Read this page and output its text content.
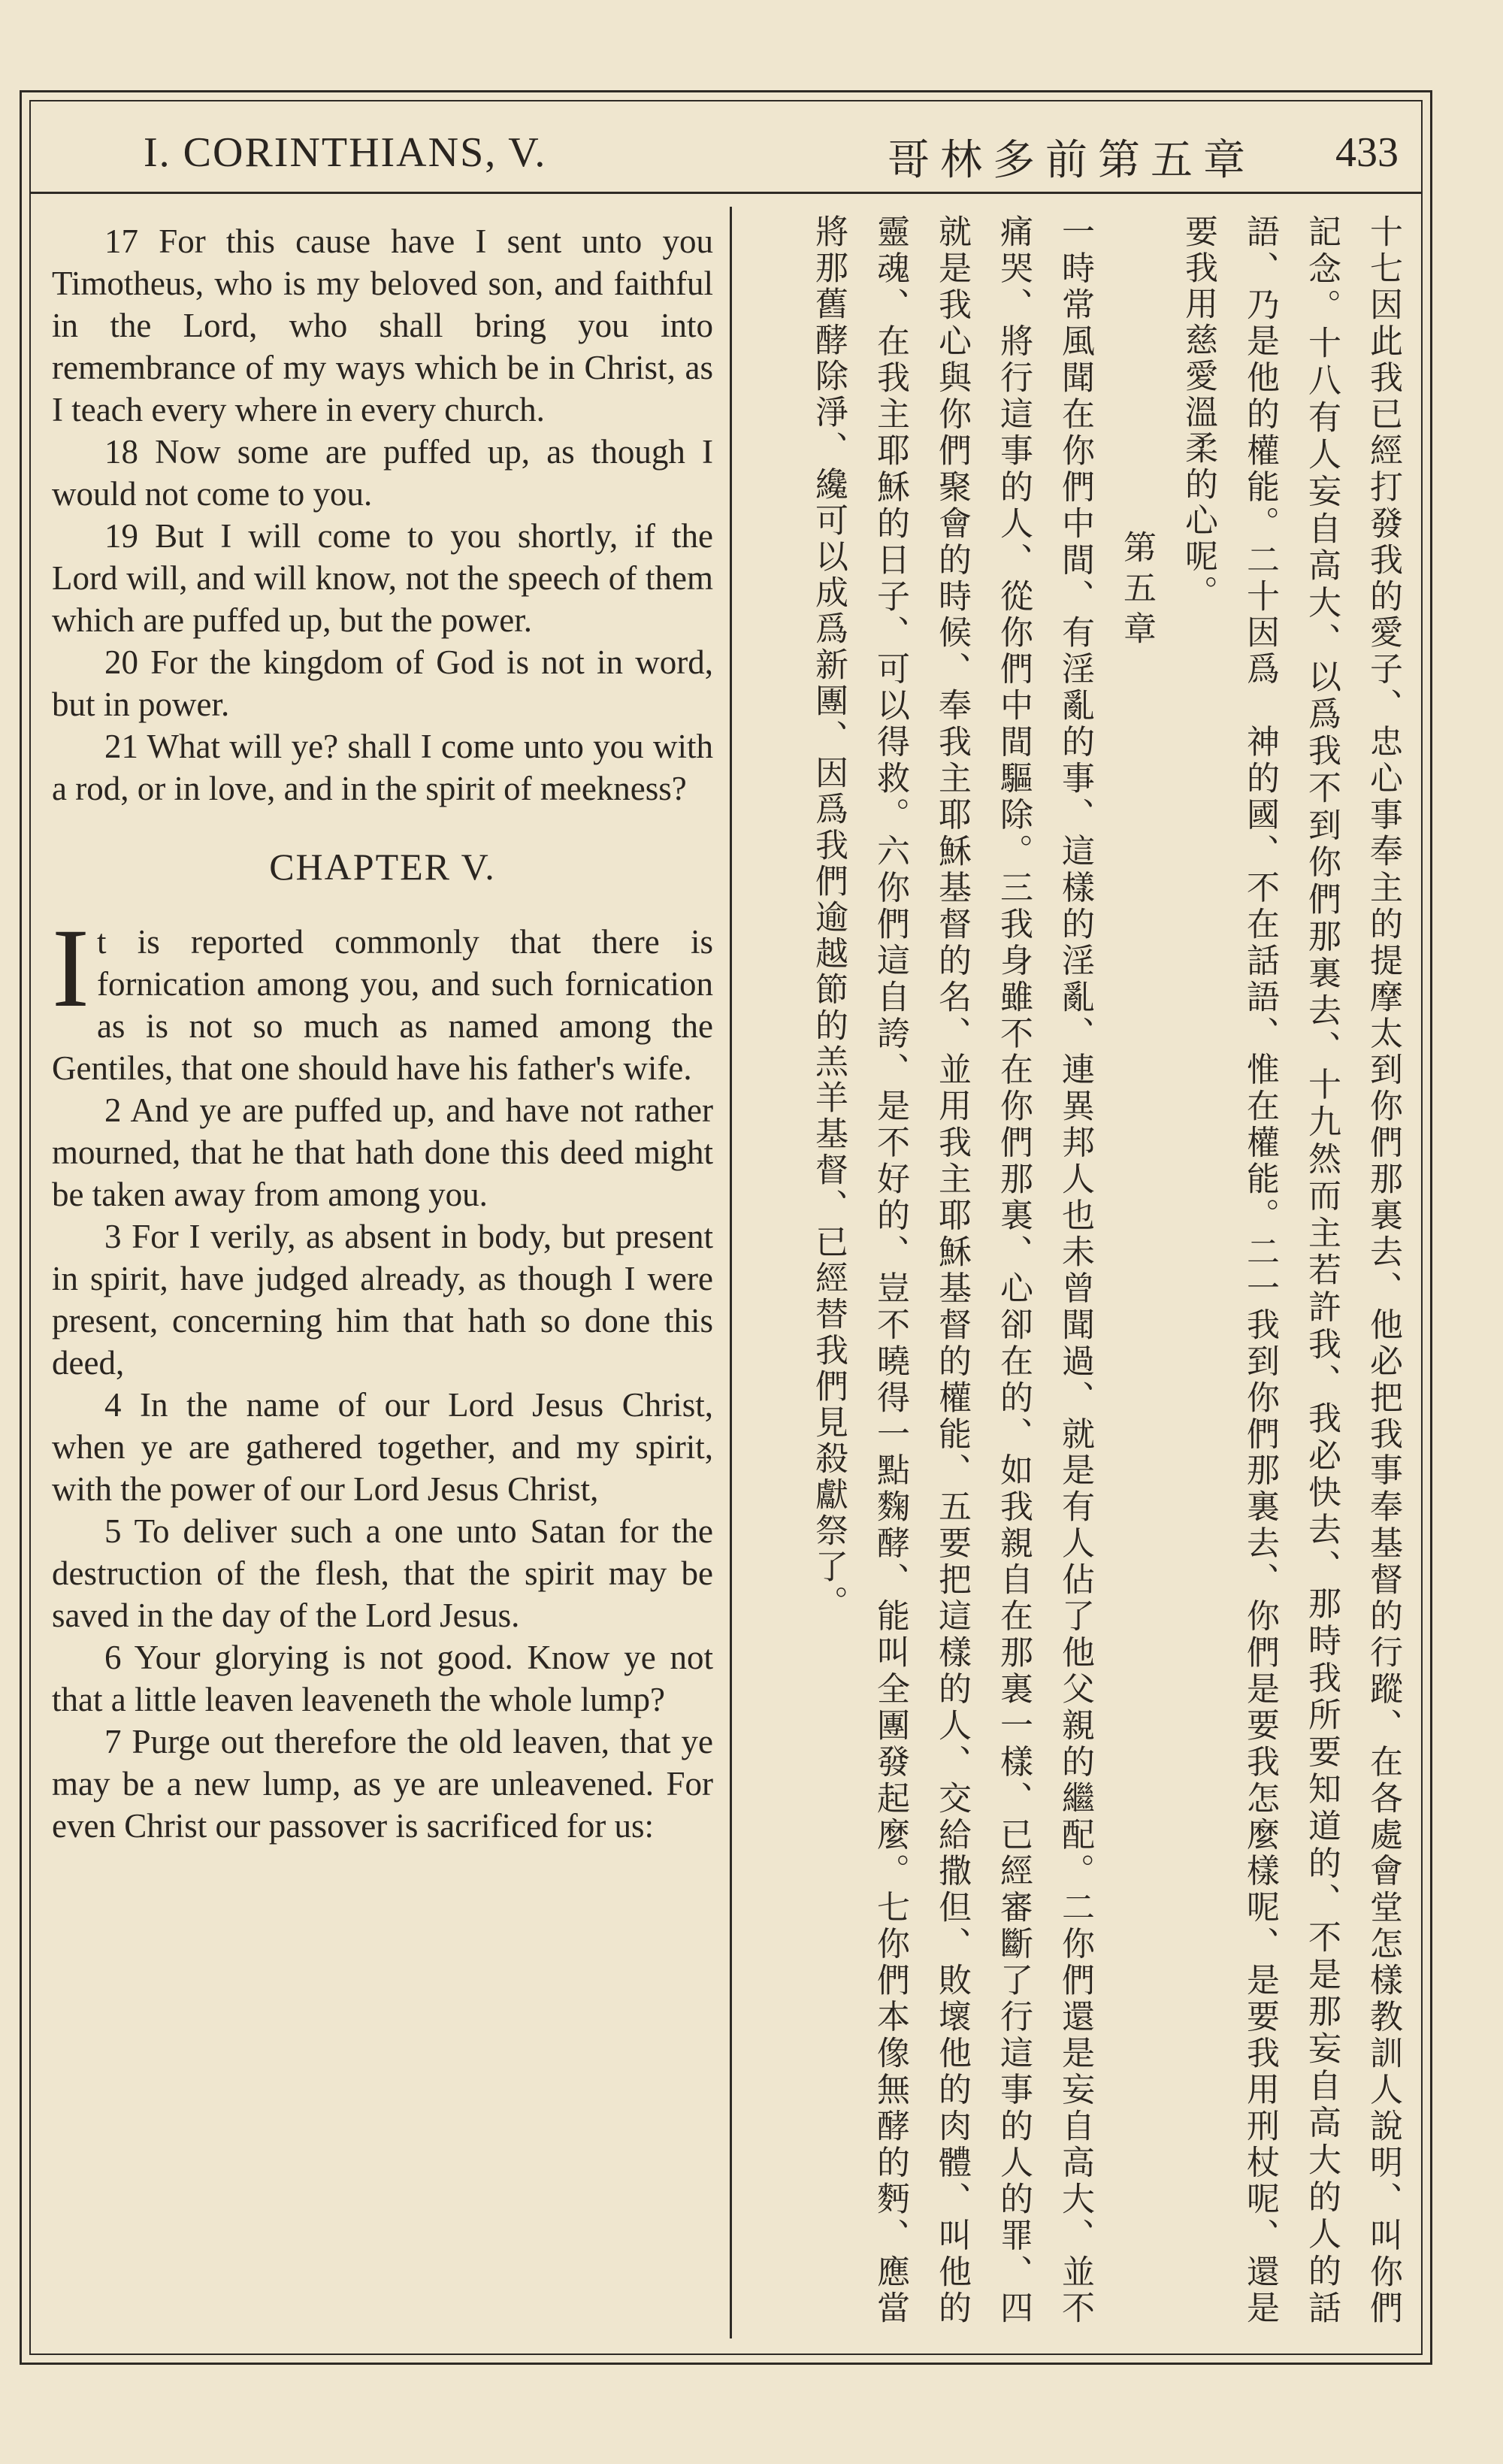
I. CORINTHIANS, V.	哥林多前第五章 433

17 For this cause have I sent unto you Timotheus, who is my beloved son, and faithful in the Lord, who shall bring you into remembrance of my ways which be in Christ, as I teach every where in every church.

18 Now some are puffed up, as though I would not come to you.

19 But I will come to you shortly, if the Lord will, and will know, not the speech of them which are puffed up, but the power.

20 For the kingdom of God is not in word, but in power.

21 What will ye? shall I come unto you with a rod, or in love, and in the spirit of meekness?

CHAPTER V.

It is reported commonly that there is fornication among you, and such fornication as is not so much as named among the Gentiles, that one should have his father's wife.

2 And ye are puffed up, and have not rather mourned, that he that hath done this deed might be taken away from among you.

3 For I verily, as absent in body, but present in spirit, have judged already, as though I were present, concerning him that hath so done this deed,

4 In the name of our Lord Jesus Christ, when ye are gathered together, and my spirit, with the power of our Lord Jesus Christ,

5 To deliver such a one unto Satan for the destruction of the flesh, that the spirit may be saved in the day of the Lord Jesus.

6 Your glorying is not good. Know ye not that a little leaven leaveneth the whole lump?

7 Purge out therefore the old leaven, that ye may be a new lump, as ye are unleavened. For even Christ our passover is sacrificed for us:	十七因此我已經打發我的愛子、忠心事奉主的提摩太到你們那裏去、他必把我事奉基督的行蹤、在各處會堂怎樣教訓人說明、叫你們記念。十八有人妄自高大、以爲我不到你們那裏去、十九然而主若許我、我必快去、那時我所要知道的、不是那妄自高大的人的話語、乃是他的權能。二十因爲　神的國、不在話語、惟在權能。二一我到你們那裏去、你們是要我怎麼樣呢、是要我用刑杖呢、還是要我用慈愛溫柔的心呢。

第五章

一時常風聞在你們中間、有淫亂的事、這樣的淫亂、連異邦人也未曾聞過、就是有人佔了他父親的繼配。二你們還是妄自高大、並不痛哭、將行這事的人、從你們中間驅除。三我身雖不在你們那裏、心卻在的、如我親自在那裏一樣、已經審斷了行這事的人的罪、四就是我心與你們聚會的時候、奉我主耶穌基督的名、並用我主耶穌基督的權能、五要把這樣的人、交給撒但、敗壞他的肉體、叫他的靈魂、在我主耶穌的日子、可以得救。六你們這自誇、是不好的、豈不曉得一點麴酵、能叫全團發起麼。七你們本像無酵的麪、應當將那舊酵除淨、纔可以成爲新團、因爲我們逾越節的羔羊基督、已經替我們見殺獻祭了。
